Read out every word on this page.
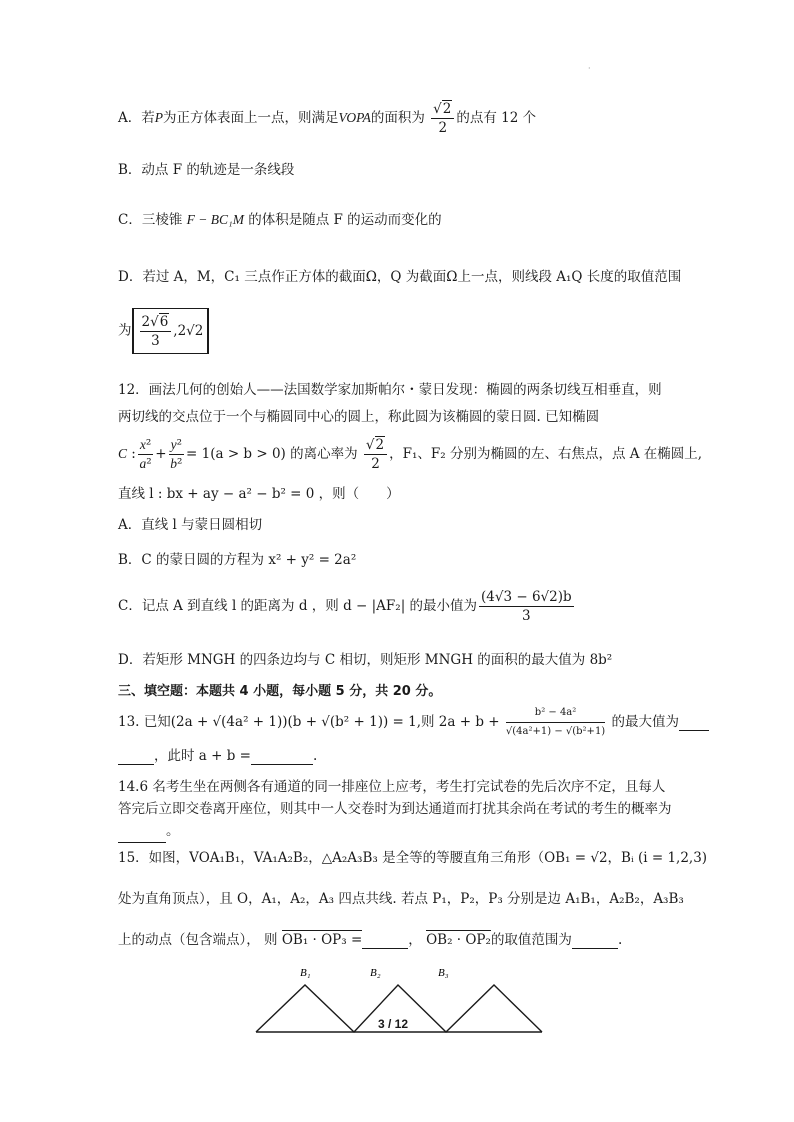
·
A．若P为正方体表面上一点，则满足VOPA的面积为 $\frac{√2}{2}$ 的点有 12 个
B．动点 F 的轨迹是一条线段
C．三棱锥 F − BC₁M 的体积是随点 F 的运动而变化的
D．若过 A，M，C₁ 三点作正方体的截面Ω，Q 为截面Ω上一点，则线段 A₁Q 长度的取值范围
为 $\frac{2√6}{3} ,2√2$
12．画法几何的创始人——法国数学家加斯帕尔・蒙日发现：椭圆的两条切线互相垂直，则
两切线的交点位于一个与椭圆同中心的圆上，称此圆为该椭圆的蒙日圆. 已知椭圆
C : $\frac{\text{x²}}{\text{a²}} + \frac{\text{y²}}{\text{b²}} = 1(a > b > 0)$ 的离心率为 $\frac{√2}{2}$ ，F₁、F₂ 分别为椭圆的左、右焦点，点 A 在椭圆上,
直线 l : bx + ay − a² − b² = 0 ，则（　　）
A．直线 l 与蒙日圆相切
B．C 的蒙日圆的方程为 x² + y² = 2a²
C．记点 A 到直线 l 的距离为 d ，则 d − |AF₂| 的最小值为 $\frac{(4√3 - 6√2)b}{3}$
D．若矩形 MNGH 的四条边均与 C 相切，则矩形 MNGH 的面积的最大值为 8b²
三、填空题：本题共 4 小题，每小题 5 分，共 20 分。
13. 已知(2a + √(4a² + 1))(b + √(b² + 1)) = 1,则 $2a + b + \frac{\text{b² − 4a²}}{\text{√(4a²+1) − √(b²+1)}}$ 的最大值为
，此时 a + b =	.
14.6 名考生坐在两侧各有通道的同一排座位上应考，考生打完试卷的先后次序不定，且每人答完后立即交卷离开座位，则其中一人交卷时为到达通道而打扰其余尚在考试的考生的概率为 。
15．如图，VOA₁B₁，VA₁A₂B₂，△A₂A₃B₃ 是全等的等腰直角三角形（OB₁ = √2，Bᵢ (i = 1,2,3)
处为直角顶点），且 O，A₁，A₂，A₃ 四点共线. 若点 P₁，P₂，P₃ 分别是边 A₁B₁，A₂B₂，A₃B₃
上的动点（包含端点）， 则 OB₁ · OP₃ =	， OB₂ · OP₂的取值范围为	.
B₁	B₂	B₃
3 / 12
